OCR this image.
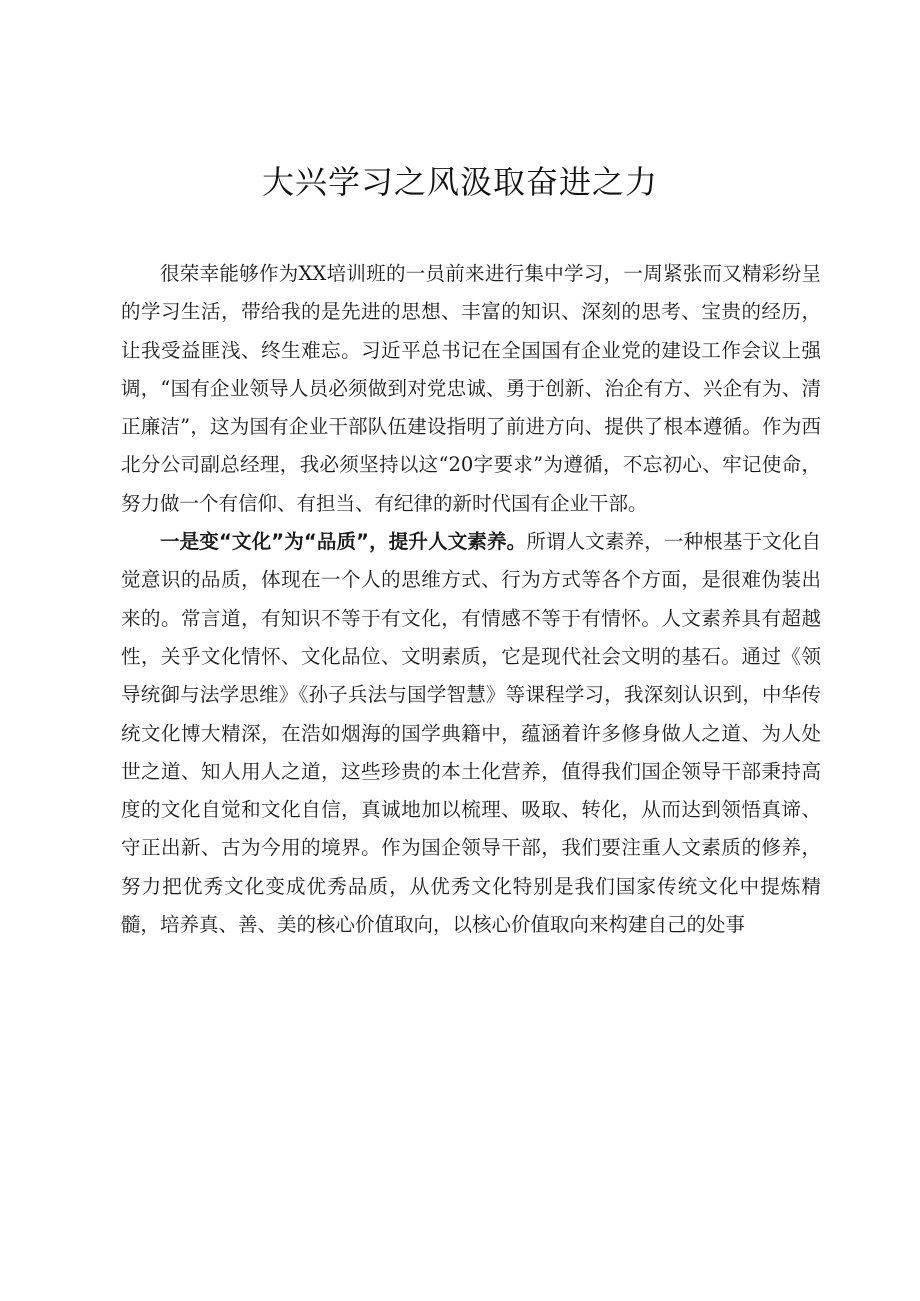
大兴学习之风汲取奋进之力

很荣幸能够作为XX培训班的一员前来进行集中学习，一周紧张而又精彩纷呈的学习生活，带给我的是先进的思想、丰富的知识、深刻的思考、宝贵的经历，让我受益匪浅、终生难忘。习近平总书记在全国国有企业党的建设工作会议上强调，“国有企业领导人员必须做到对党忠诚、勇于创新、治企有方、兴企有为、清正廉洁”，这为国有企业干部队伍建设指明了前进方向、提供了根本遵循。作为西北分公司副总经理，我必须坚持以这“20字要求”为遵循，不忘初心、牢记使命，努力做一个有信仰、有担当、有纪律的新时代国有企业干部。

一是变“文化”为“品质”，提升人文素养。所谓人文素养，一种根基于文化自觉意识的品质，体现在一个人的思维方式、行为方式等各个方面，是很难伪装出来的。常言道，有知识不等于有文化，有情感不等于有情怀。人文素养具有超越性，关乎文化情怀、文化品位、文明素质，它是现代社会文明的基石。通过《领导统御与法学思维》《孙子兵法与国学智慧》等课程学习，我深刻认识到，中华传统文化博大精深，在浩如烟海的国学典籍中，蕴涵着许多修身做人之道、为人处世之道、知人用人之道，这些珍贵的本土化营养，值得我们国企领导干部秉持高度的文化自觉和文化自信，真诚地加以梳理、吸取、转化，从而达到领悟真谛、守正出新、古为今用的境界。作为国企领导干部，我们要注重人文素质的修养，努力把优秀文化变成优秀品质，从优秀文化特别是我们国家传统文化中提炼精髓，培养真、善、美的核心价值取向，以核心价值取向来构建自己的处事
